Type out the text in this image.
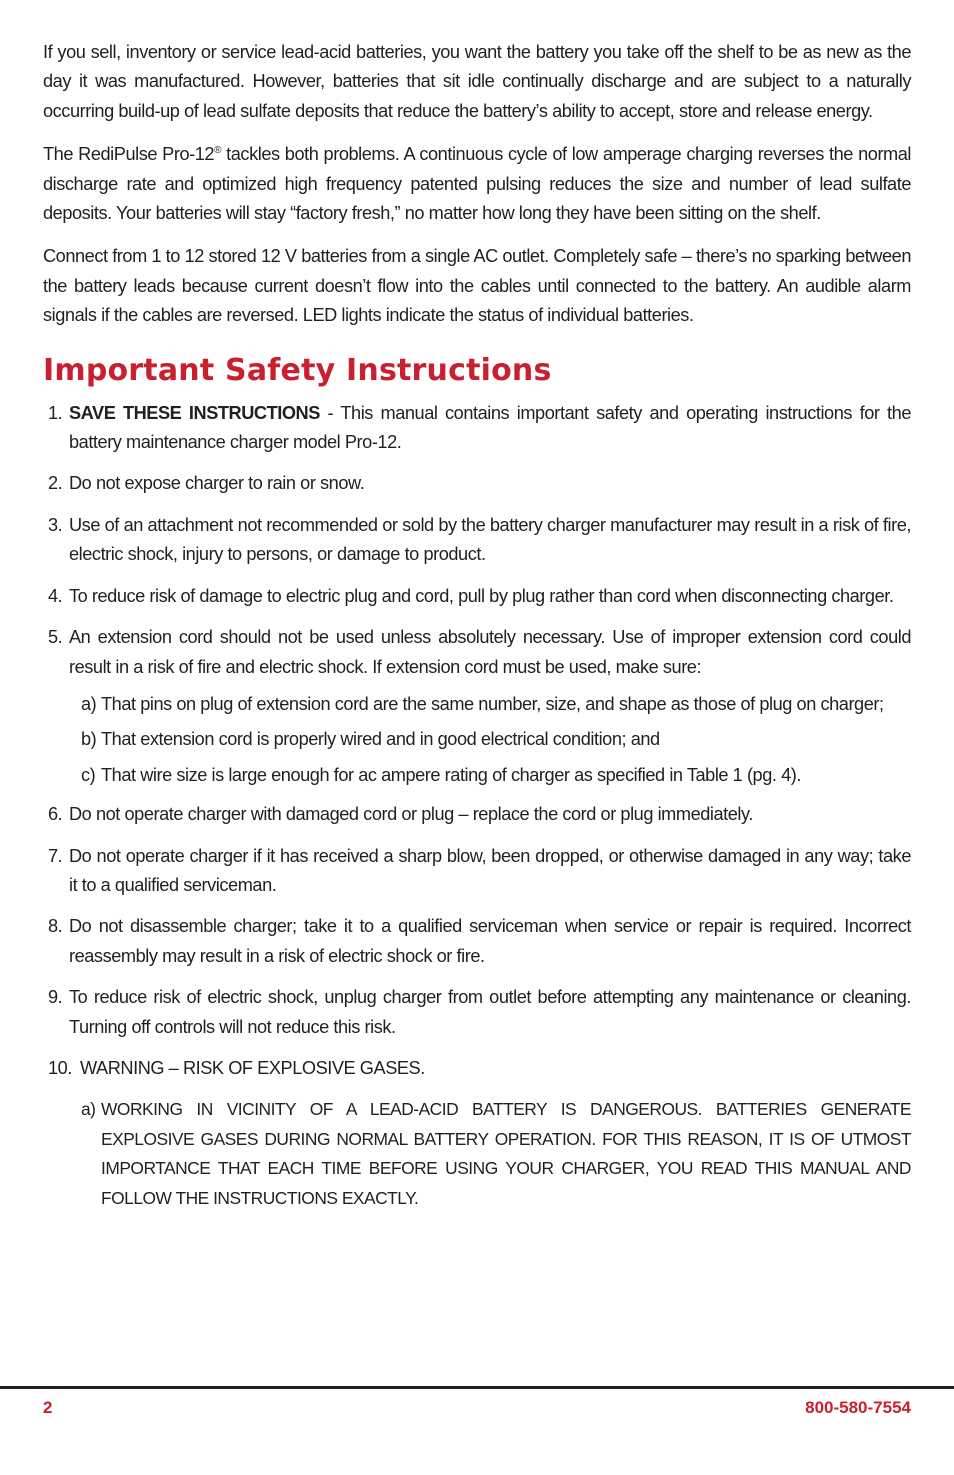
If you sell, inventory or service lead-acid batteries, you want the battery you take off the shelf to be as new as the day it was manufactured. However, batteries that sit idle continually discharge and are subject to a naturally occurring build-up of lead sulfate deposits that reduce the battery’s ability to accept, store and release energy.

The RediPulse Pro-12® tackles both problems. A continuous cycle of low amperage charging reverses the normal discharge rate and optimized high frequency patented pulsing reduces the size and number of lead sulfate deposits. Your batteries will stay “factory fresh,” no matter how long they have been sitting on the shelf.

Connect from 1 to 12 stored 12 V batteries from a single AC outlet. Completely safe – there’s no sparking between the battery leads because current doesn’t flow into the cables until connected to the battery. An audible alarm signals if the cables are reversed. LED lights indicate the status of individual batteries.

Important Safety Instructions
1. SAVE THESE INSTRUCTIONS - This manual contains important safety and operating instructions for the battery maintenance charger model Pro-12.
2. Do not expose charger to rain or snow.
3. Use of an attachment not recommended or sold by the battery charger manufacturer may result in a risk of fire, electric shock, injury to persons, or damage to product.
4. To reduce risk of damage to electric plug and cord, pull by plug rather than cord when disconnecting charger.
5. An extension cord should not be used unless absolutely necessary. Use of improper extension cord could result in a risk of fire and electric shock. If extension cord must be used, make sure:
a) That pins on plug of extension cord are the same number, size, and shape as those of plug on charger;
b) That extension cord is properly wired and in good electrical condition; and
c) That wire size is large enough for ac ampere rating of charger as specified in Table 1 (pg. 4).
6. Do not operate charger with damaged cord or plug – replace the cord or plug immediately.
7. Do not operate charger if it has received a sharp blow, been dropped, or otherwise damaged in any way; take it to a qualified serviceman.
8. Do not disassemble charger; take it to a qualified serviceman when service or repair is required. Incorrect reassembly may result in a risk of electric shock or fire.
9. To reduce risk of electric shock, unplug charger from outlet before attempting any maintenance or cleaning. Turning off controls will not reduce this risk.
10. WARNING – RISK OF EXPLOSIVE GASES.
a) WORKING IN VICINITY OF A LEAD-ACID BATTERY IS DANGEROUS. BATTERIES GENERATE EXPLOSIVE GASES DURING NORMAL BATTERY OPERATION. FOR THIS REASON, IT IS OF UTMOST IMPORTANCE THAT EACH TIME BEFORE USING YOUR CHARGER, YOU READ THIS MANUAL AND FOLLOW THE INSTRUCTIONS EXACTLY.
2	800-580-7554
